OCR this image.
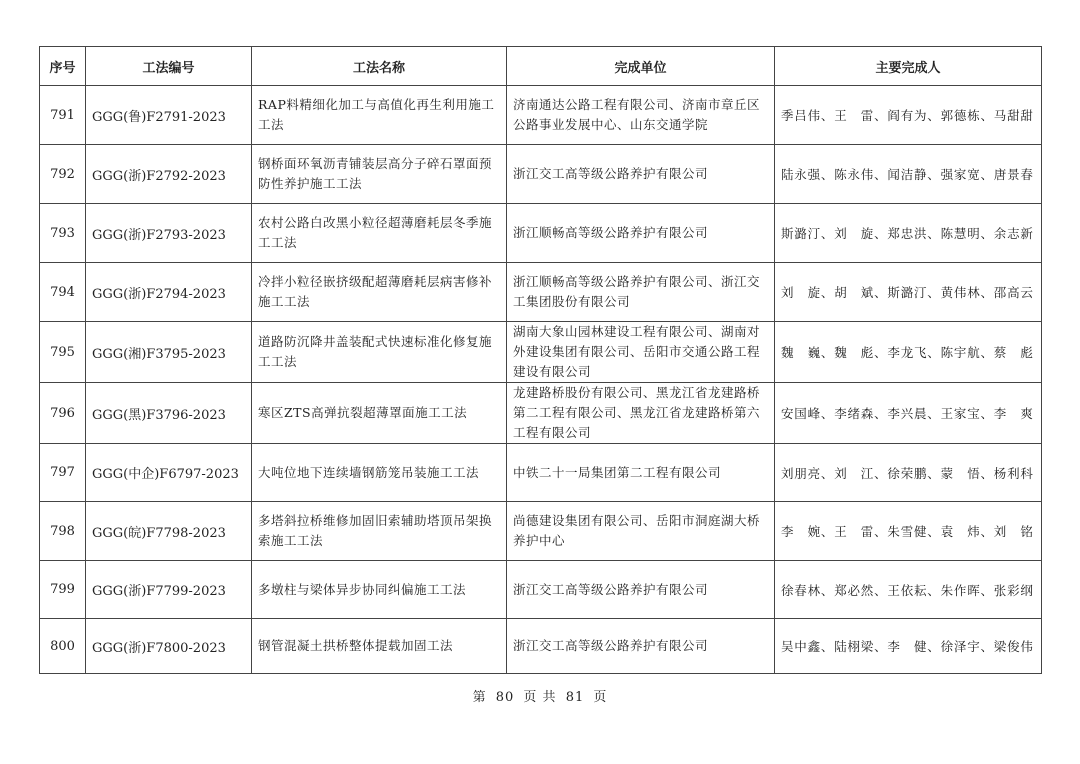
序号	工法编号	工法名称	完成单位	主要完成人
791	GGG(鲁)F2791-2023	RAP料精细化加工与高值化再生利用施工工法	济南通达公路工程有限公司、济南市章丘区公路事业发展中心、山东交通学院	季吕伟、王　雷、阎有为、郭德栋、马甜甜
792	GGG(浙)F2792-2023	钢桥面环氧沥青铺装层高分子碎石罩面预防性养护施工工法	浙江交工高等级公路养护有限公司	陆永强、陈永伟、闻洁静、强家宽、唐景春
793	GGG(浙)F2793-2023	农村公路白改黑小粒径超薄磨耗层冬季施工工法	浙江顺畅高等级公路养护有限公司	斯潞汀、刘　旋、郑忠洪、陈慧明、余志新
794	GGG(浙)F2794-2023	冷拌小粒径嵌挤级配超薄磨耗层病害修补施工工法	浙江顺畅高等级公路养护有限公司、浙江交工集团股份有限公司	刘　旋、胡　斌、斯潞汀、黄伟林、邵高云
795	GGG(湘)F3795-2023	道路防沉降井盖装配式快速标准化修复施工工法	湖南大象山园林建设工程有限公司、湖南对外建设集团有限公司、岳阳市交通公路工程建设有限公司	魏　巍、魏　彪、李龙飞、陈宇航、蔡　彪
796	GGG(黑)F3796-2023	寒区ZTS高弹抗裂超薄罩面施工工法	龙建路桥股份有限公司、黑龙江省龙建路桥第二工程有限公司、黑龙江省龙建路桥第六工程有限公司	安国峰、李绪森、李兴晨、王家宝、李　爽
797	GGG(中企)F6797-2023	大吨位地下连续墙钢筋笼吊装施工工法	中铁二十一局集团第二工程有限公司	刘朋亮、刘　江、徐荣鹏、蒙　悟、杨利科
798	GGG(皖)F7798-2023	多塔斜拉桥维修加固旧索辅助塔顶吊架换索施工工法	尚德建设集团有限公司、岳阳市洞庭湖大桥养护中心	李　婉、王　雷、朱雪健、袁　炜、刘　铭
799	GGG(浙)F7799-2023	多墩柱与梁体异步协同纠偏施工工法	浙江交工高等级公路养护有限公司	徐春林、郑必然、王依耘、朱作晖、张彩纲
800	GGG(浙)F7800-2023	钢管混凝土拱桥整体提载加固工法	浙江交工高等级公路养护有限公司	吴中鑫、陆栩梁、李　健、徐泽宇、梁俊伟
第 80 页 共 81 页
